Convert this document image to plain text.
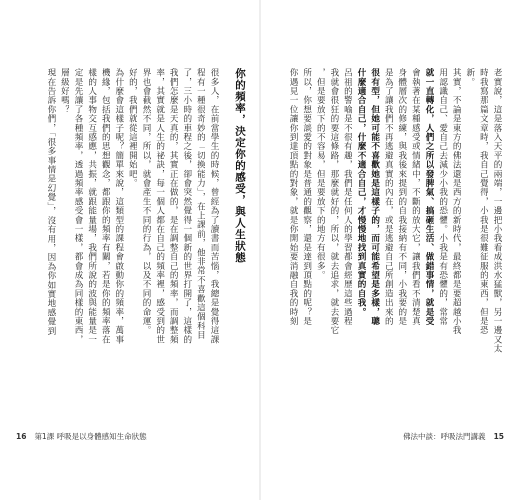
你的頻率，決定你的感受，與人生狀態
很多人，在前當學生的時候，曾經為了讀書而苦惱，我總是覺得這課
程有一種很奇妙的「切換能力」，在上課前，他非常不喜歡這個科目
了，三小時的車程之後，卻會突然覺得一個新的世界打開了，這樣的
我們怎麼是天真的，其實正在做的，是在調整自己的頻率，而調整頻
率，其實就是人生的祕訣，每一個人都在自己的頻率裡，感受到的世
界也會截然不同，所以，就會產生不同的行為，以及不同的命運。
好的，我們就從這裡開始吧。
為什麼會這樣子呢？簡單來說，這類型的課程會啟動你的頻率，萬事
機緣，包括我們的思想觀念，都跟你的頻率有關，若是你的頻率落在
樣的人事物交互感應，共振，就跟能量場，我們所說的波與能量是一
定是先讓了各種頻率，透過頻率感受會一樣，都會成為同樣的東西，
層級好嗎？
現在告訴你們，「很多事情是幻覺」，沒有用，因為你如實地感覺到
16 第1課 呼吸是以身體感知生命狀態
老實說，這是落入天平的兩端，一邊把小我看成洪水猛獸，另一邊又太
時我寫那篇文章時，我自己覺得，小我是很難征服的東西，但是恐
新。
其實，不論是東方的佛法還是西方的新時代，最終都是要超越小我
用認識自己、愛自己去減少小我的恐懼。小我是有恐懼的，常常
就一直轉化，人們之所以發脾氣、搞砸生活、做錯事情，就是受
會執著在某種感受或情緒中，不斷的放大它，讓我們看不清楚真
身體層次的修練，與我後來提到的自我接納有不同，小我要的是
是為了讓我們不再逃避真實的內在，或是逃避自己所創造出來的
很有型，但她可能不喜歡她是這樣子的，而可能希望是多樣，聰
什麼適合自己，什麼不適合自己，才慢慢地找到真實的自我。
呂祖的警喻是不很有趣，我們是任何人的學習都會經歷這些過程
我就會很狂的要這條路，那麼就好的，所以，就去追求，就去要它
，但是要放下的不容易，但是要放下的地方有很多。
所以，你想要談愛的對象是普通的觀察，還是達到頂點的呢？是
你遇見一位讓你到達頂點的對象，就是你開始要消融自我的時刻
佛法中談：呼吸法門講義 15
